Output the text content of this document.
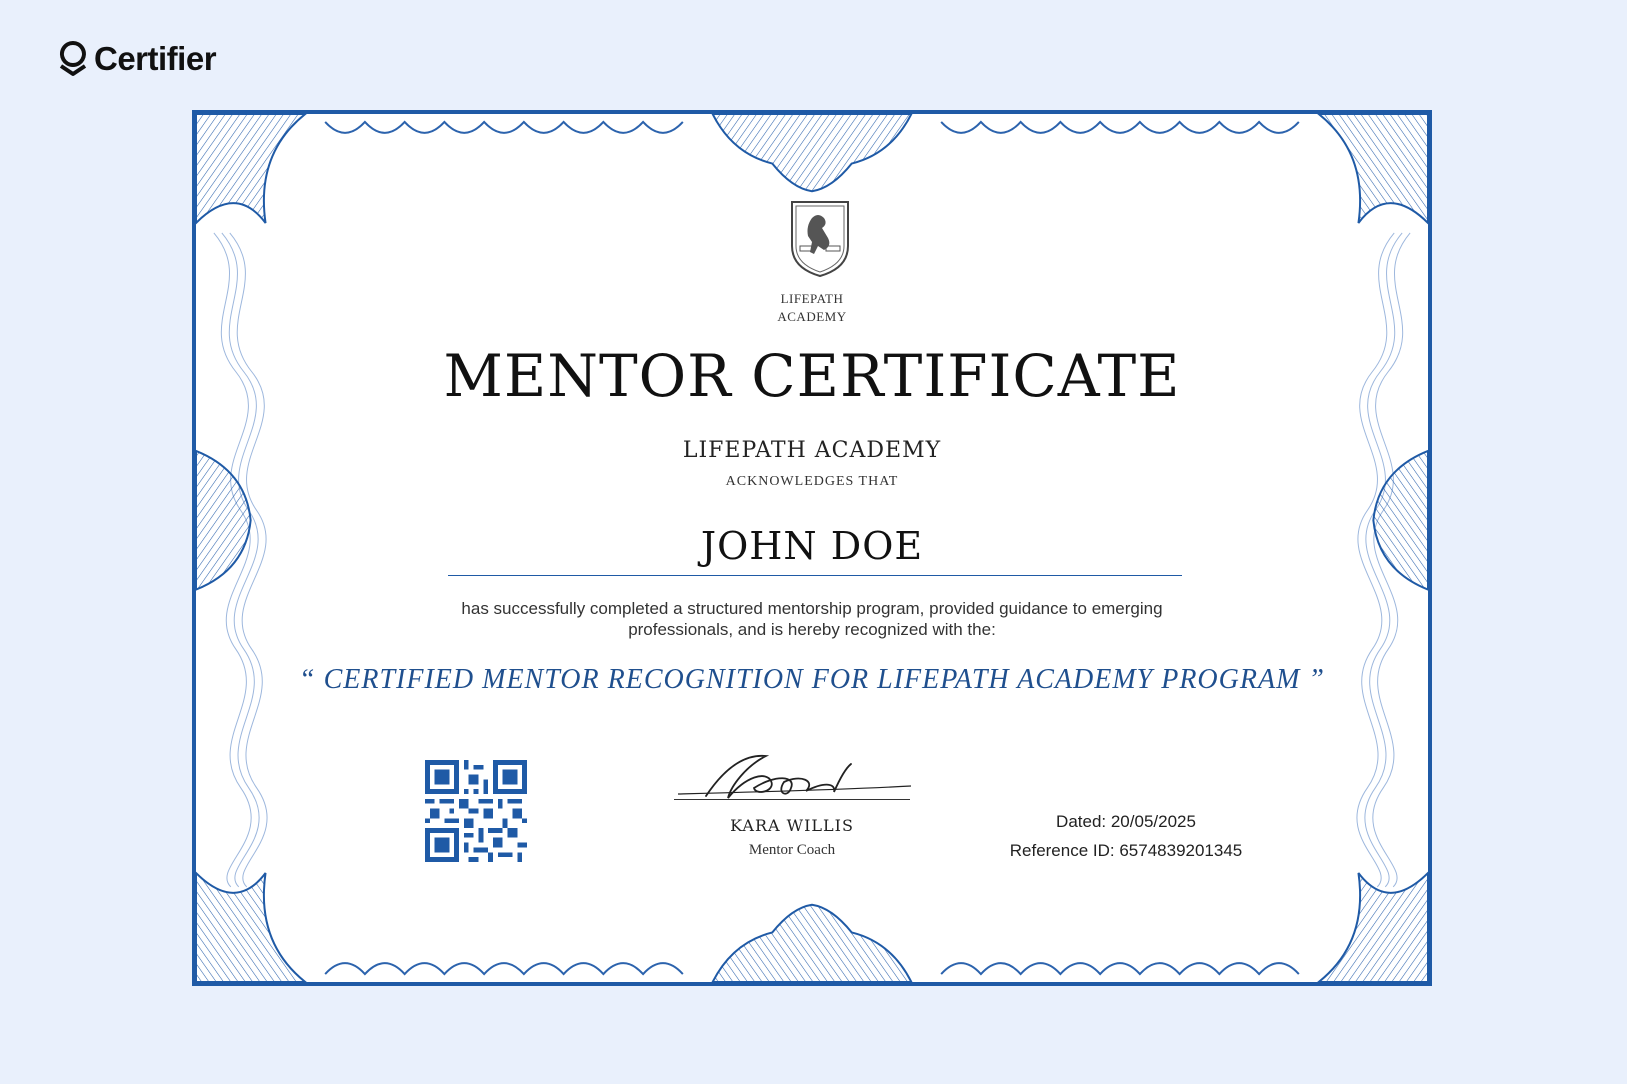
Certifier
LIFEPATH
ACADEMY
MENTOR CERTIFICATE
LIFEPATH ACADEMY
ACKNOWLEDGES THAT
JOHN DOE
has successfully completed a structured mentorship program, provided guidance to emerging
professionals, and is hereby recognized with the:
“ CERTIFIED MENTOR RECOGNITION FOR LIFEPATH ACADEMY PROGRAM ”
KARA WILLIS
Mentor Coach
Dated: 20/05/2025
Reference ID: 6574839201345
